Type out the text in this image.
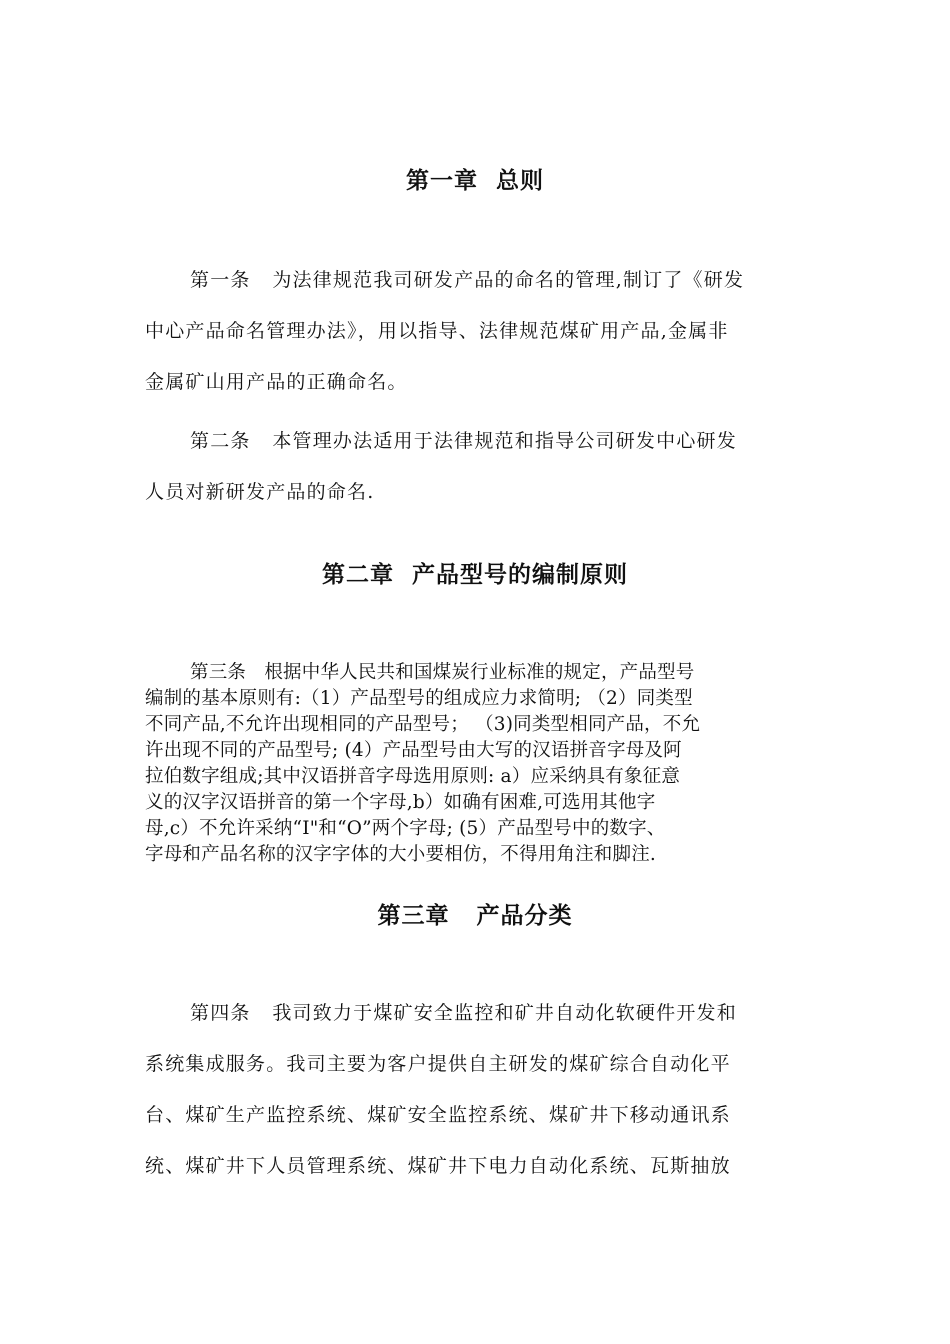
第一章  总则
第一条   为法律规范我司研发产品的命名的管理,制订了《研发
中心产品命名管理办法》，用以指导、法律规范煤矿用产品,金属非
金属矿山用产品的正确命名。
第二条   本管理办法适用于法律规范和指导公司研发中心研发
人员对新研发产品的命名.
第二章  产品型号的编制原则
第三条   根据中华人民共和国煤炭行业标准的规定，产品型号
编制的基本原则有:（1）产品型号的组成应力求简明; （2）同类型
不同产品,不允许出现相同的产品型号； （3)同类型相同产品，不允
许出现不同的产品型号; (4）产品型号由大写的汉语拼音字母及阿
拉伯数字组成;其中汉语拼音字母选用原则: a）应采纳具有象征意
义的汉字汉语拼音的第一个字母,b）如确有困难,可选用其他字
母,c）不允许采纳“I"和“O”两个字母; (5）产品型号中的数字、
字母和产品名称的汉字字体的大小要相仿，不得用角注和脚注.
第三章   产品分类
第四条   我司致力于煤矿安全监控和矿井自动化软硬件开发和
系统集成服务。我司主要为客户提供自主研发的煤矿综合自动化平
台、煤矿生产监控系统、煤矿安全监控系统、煤矿井下移动通讯系
统、煤矿井下人员管理系统、煤矿井下电力自动化系统、瓦斯抽放
